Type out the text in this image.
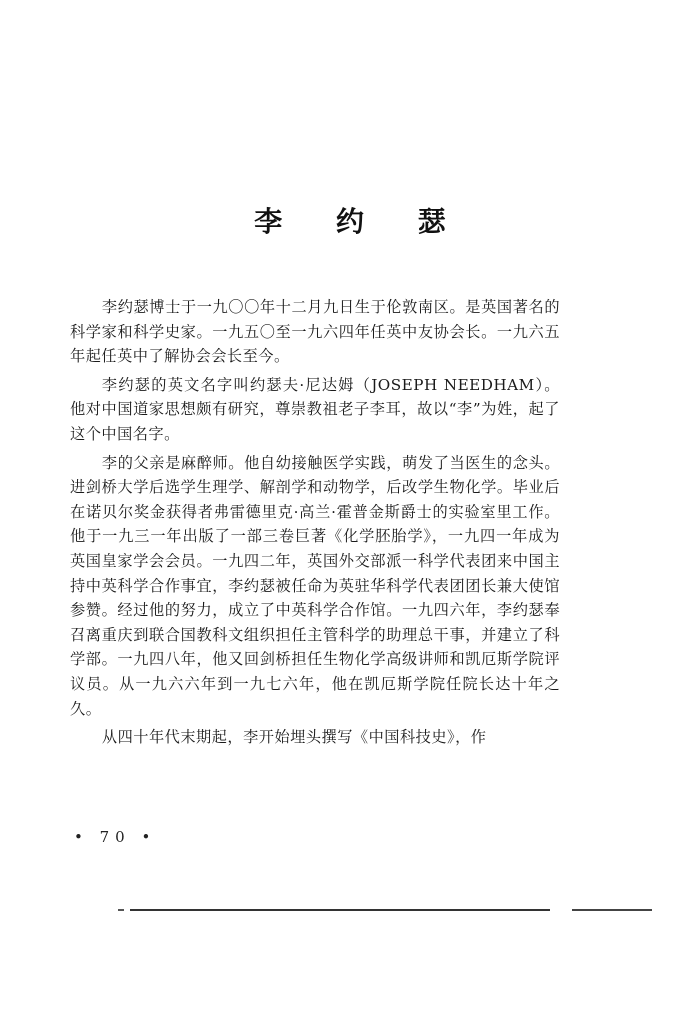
李 约 瑟

李约瑟博士于一九〇〇年十二月九日生于伦敦南区。是英国著名的科学家和科学史家。一九五〇至一九六四年任英中友协会长。一九六五年起任英中了解协会会长至今。

李约瑟的英文名字叫约瑟夫·尼达姆（JOSEPH NEEDHAM）。他对中国道家思想颇有研究，尊崇教祖老子李耳，故以“李”为姓，起了这个中国名字。

李的父亲是麻醉师。他自幼接触医学实践，萌发了当医生的念头。进剑桥大学后选学生理学、解剖学和动物学，后改学生物化学。毕业后在诺贝尔奖金获得者弗雷德里克·高兰·霍普金斯爵士的实验室里工作。他于一九三一年出版了一部三卷巨著《化学胚胎学》，一九四一年成为英国皇家学会会员。一九四二年，英国外交部派一科学代表团来中国主持中英科学合作事宜，李约瑟被任命为英驻华科学代表团团长兼大使馆参赞。经过他的努力，成立了中英科学合作馆。一九四六年，李约瑟奉召离重庆到联合国教科文组织担任主管科学的助理总干事，并建立了科学部。一九四八年，他又回剑桥担任生物化学高级讲师和凯厄斯学院评议员。从一九六六年到一九七六年，他在凯厄斯学院任院长达十年之久。

从四十年代末期起，李开始埋头撰写《中国科技史》，作

• 70 •
